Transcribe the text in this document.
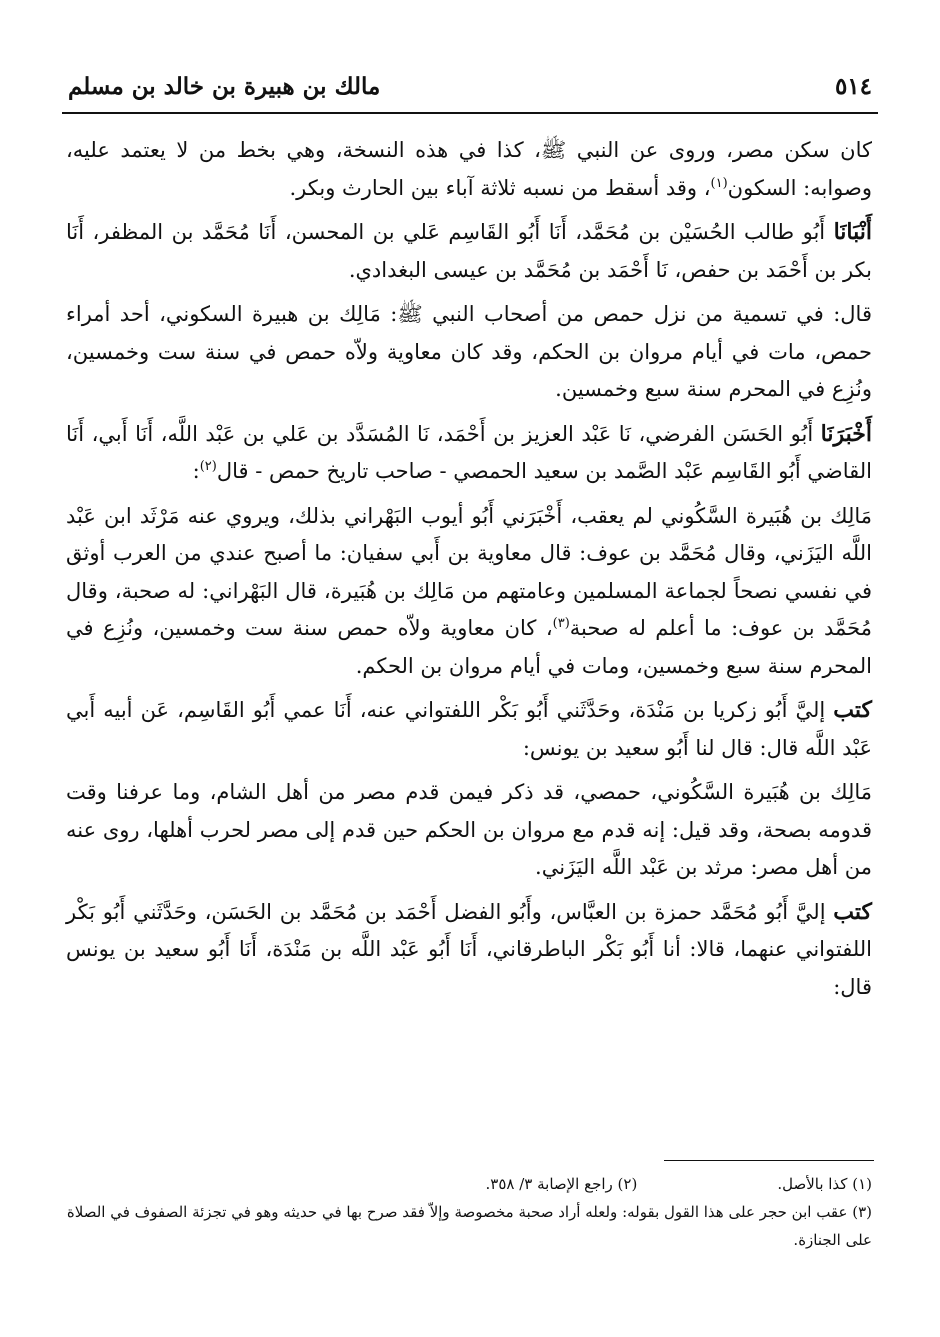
٥١٤
مالك بن هبيرة بن خالد بن مسلم

كان سكن مصر، وروى عن النبي ﷺ، كذا في هذه النسخة، وهي بخط من لا يعتمد عليه، وصوابه: السكون$^{(١)}$، وقد أسقط من نسبه ثلاثة آباء بين الحارث وبكر.

أَنْبَانَا أَبُو طالب الحُسَيْن بن مُحَمَّد، أَنَا أَبُو القَاسِم عَلي بن المحسن، أَنَا مُحَمَّد بن المظفر، أَنَا بكر بن أَحْمَد بن حفص، نَا أَحْمَد بن مُحَمَّد بن عيسى البغدادي.

قال: في تسمية من نزل حمص من أصحاب النبي ﷺ: مَالِك بن هبيرة السكوني، أحد أمراء حمص، مات في أيام مروان بن الحكم، وقد كان معاوية ولاّه حمص في سنة ست وخمسين، ونُزِع في المحرم سنة سبع وخمسين.

أَخْبَرَنَا أَبُو الحَسَن الفرضي، نَا عَبْد العزيز بن أَحْمَد، نَا المُسَدَّد بن عَلي بن عَبْد اللَّه، أَنَا أَبي، أَنَا القاضي أَبُو القَاسِم عَبْد الصَّمد بن سعيد الحمصي - صاحب تاريخ حمص - قال$^{(٢)}$:

مَالِك بن هُبَيرة السَّكُوني لم يعقب، أَخْبَرَني أَبُو أيوب البَهْراني بذلك، ويروي عنه مَرْثَد ابن عَبْد اللَّه اليَزَني، وقال مُحَمَّد بن عوف: قال معاوية بن أَبي سفيان: ما أصبح عندي من العرب أوثق في نفسي نصحاً لجماعة المسلمين وعامتهم من مَالِك بن هُبَيرة، قال البَهْراني: له صحبة، وقال مُحَمَّد بن عوف: ما أعلم له صحبة$^{(٣)}$، كان معاوية ولاّه حمص سنة ست وخمسين، ونُزِع في المحرم سنة سبع وخمسين، ومات في أيام مروان بن الحكم.

كتب إليَّ أَبُو زكريا بن مَنْدَة، وحَدَّثَني أَبُو بَكْر اللفتواني عنه، أَنَا عمي أَبُو القَاسِم، عَن أبيه أَبي عَبْد اللَّه قال: قال لنا أَبُو سعيد بن يونس:

مَالِك بن هُبَيرة السَّكُوني، حمصي، قد ذكر فيمن قدم مصر من أهل الشام، وما عرفنا وقت قدومه بصحة، وقد قيل: إنه قدم مع مروان بن الحكم حين قدم إلى مصر لحرب أهلها، روى عنه من أهل مصر: مرثد بن عَبْد اللَّه اليَزَني.

كتب إليَّ أَبُو مُحَمَّد حمزة بن العبَّاس، وأَبُو الفضل أَحْمَد بن مُحَمَّد بن الحَسَن، وحَدَّثَني أَبُو بَكْر اللفتواني عنهما، قالا: أنا أَبُو بَكْر الباطرقاني، أَنَا أَبُو عَبْد اللَّه بن مَنْدَة، أَنَا أَبُو سعيد بن يونس قال:

(١) كذا بالأصل.
(٢) راجع الإصابة ٣/ ٣٥٨.

(٣) عقب ابن حجر على هذا القول بقوله: ولعله أراد صحبة مخصوصة وإلاّ فقد صرح بها في حديثه وهو في تجزئة الصفوف في الصلاة على الجنازة.
